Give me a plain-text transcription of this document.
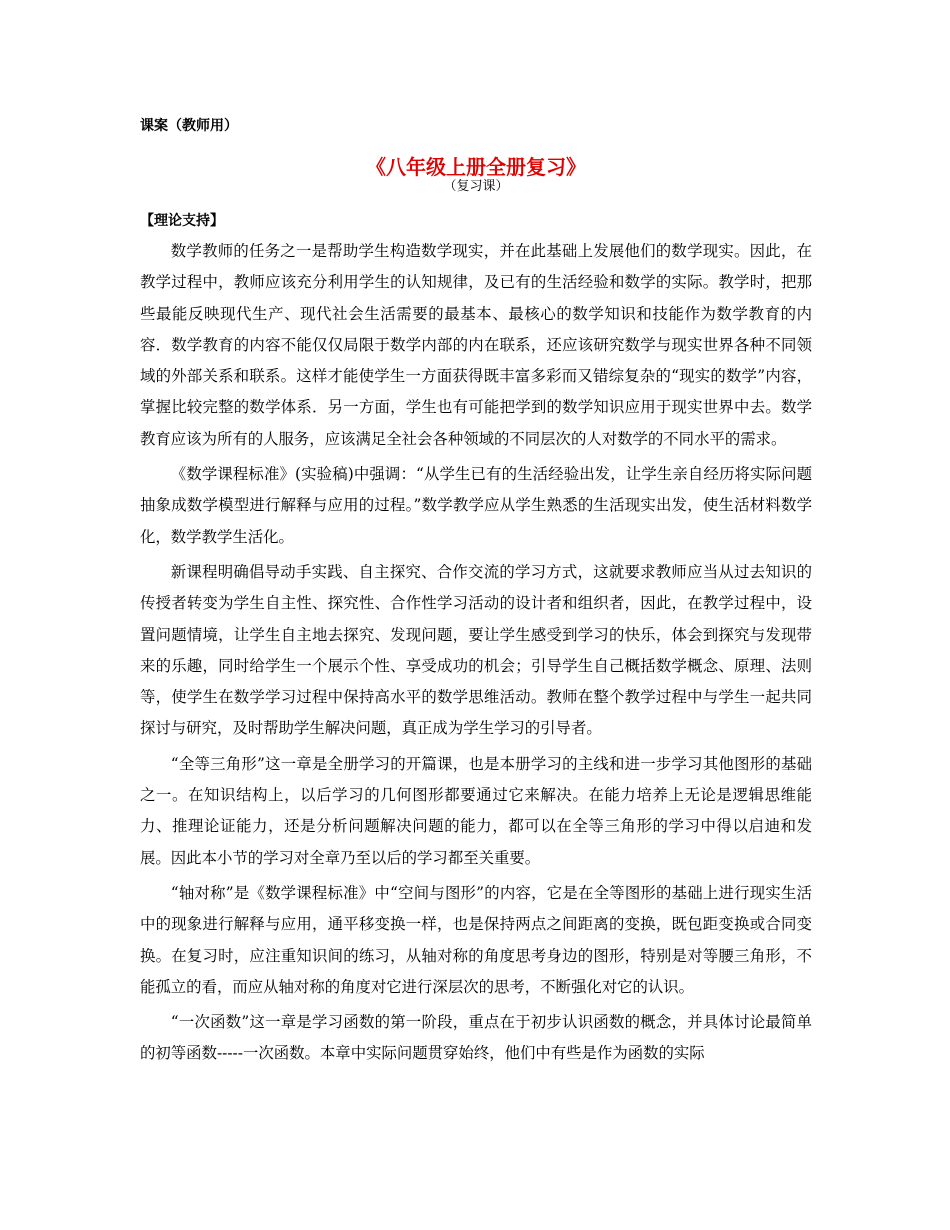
课案（教师用）
《八年级上册全册复习》
（复习课）
【理论支持】

数学教师的任务之一是帮助学生构造数学现实，并在此基础上发展他们的数学现实。因此，在教学过程中，教师应该充分利用学生的认知规律，及已有的生活经验和数学的实际。教学时，把那些最能反映现代生产、现代社会生活需要的最基本、最核心的数学知识和技能作为数学教育的内容．数学教育的内容不能仅仅局限于数学内部的内在联系，还应该研究数学与现实世界各种不同领域的外部关系和联系。这样才能使学生一方面获得既丰富多彩而又错综复杂的“现实的数学”内容，掌握比较完整的数学体系．另一方面，学生也有可能把学到的数学知识应用于现实世界中去。数学教育应该为所有的人服务，应该满足全社会各种领域的不同层次的人对数学的不同水平的需求。

《数学课程标准》(实验稿)中强调：“从学生已有的生活经验出发，让学生亲自经历将实际问题抽象成数学模型进行解释与应用的过程。”数学教学应从学生熟悉的生活现实出发，使生活材料数学化，数学教学生活化。

新课程明确倡导动手实践、自主探究、合作交流的学习方式，这就要求教师应当从过去知识的传授者转变为学生自主性、探究性、合作性学习活动的设计者和组织者，因此，在教学过程中，设置问题情境，让学生自主地去探究、发现问题，要让学生感受到学习的快乐，体会到探究与发现带来的乐趣，同时给学生一个展示个性、享受成功的机会；引导学生自己概括数学概念、原理、法则等，使学生在数学学习过程中保持高水平的数学思维活动。教师在整个教学过程中与学生一起共同探讨与研究，及时帮助学生解决问题，真正成为学生学习的引导者。

“全等三角形”这一章是全册学习的开篇课，也是本册学习的主线和进一步学习其他图形的基础之一。在知识结构上，以后学习的几何图形都要通过它来解决。在能力培养上无论是逻辑思维能力、推理论证能力，还是分析问题解决问题的能力，都可以在全等三角形的学习中得以启迪和发展。因此本小节的学习对全章乃至以后的学习都至关重要。

“轴对称”是《数学课程标准》中“空间与图形”的内容，它是在全等图形的基础上进行现实生活中的现象进行解释与应用，通平移变换一样，也是保持两点之间距离的变换，既包距变换或合同变换。在复习时，应注重知识间的练习，从轴对称的角度思考身边的图形，特别是对等腰三角形，不能孤立的看，而应从轴对称的角度对它进行深层次的思考，不断强化对它的认识。

“一次函数”这一章是学习函数的第一阶段，重点在于初步认识函数的概念，并具体讨论最简单的初等函数-----一次函数。本章中实际问题贯穿始终，他们中有些是作为函数的实际
